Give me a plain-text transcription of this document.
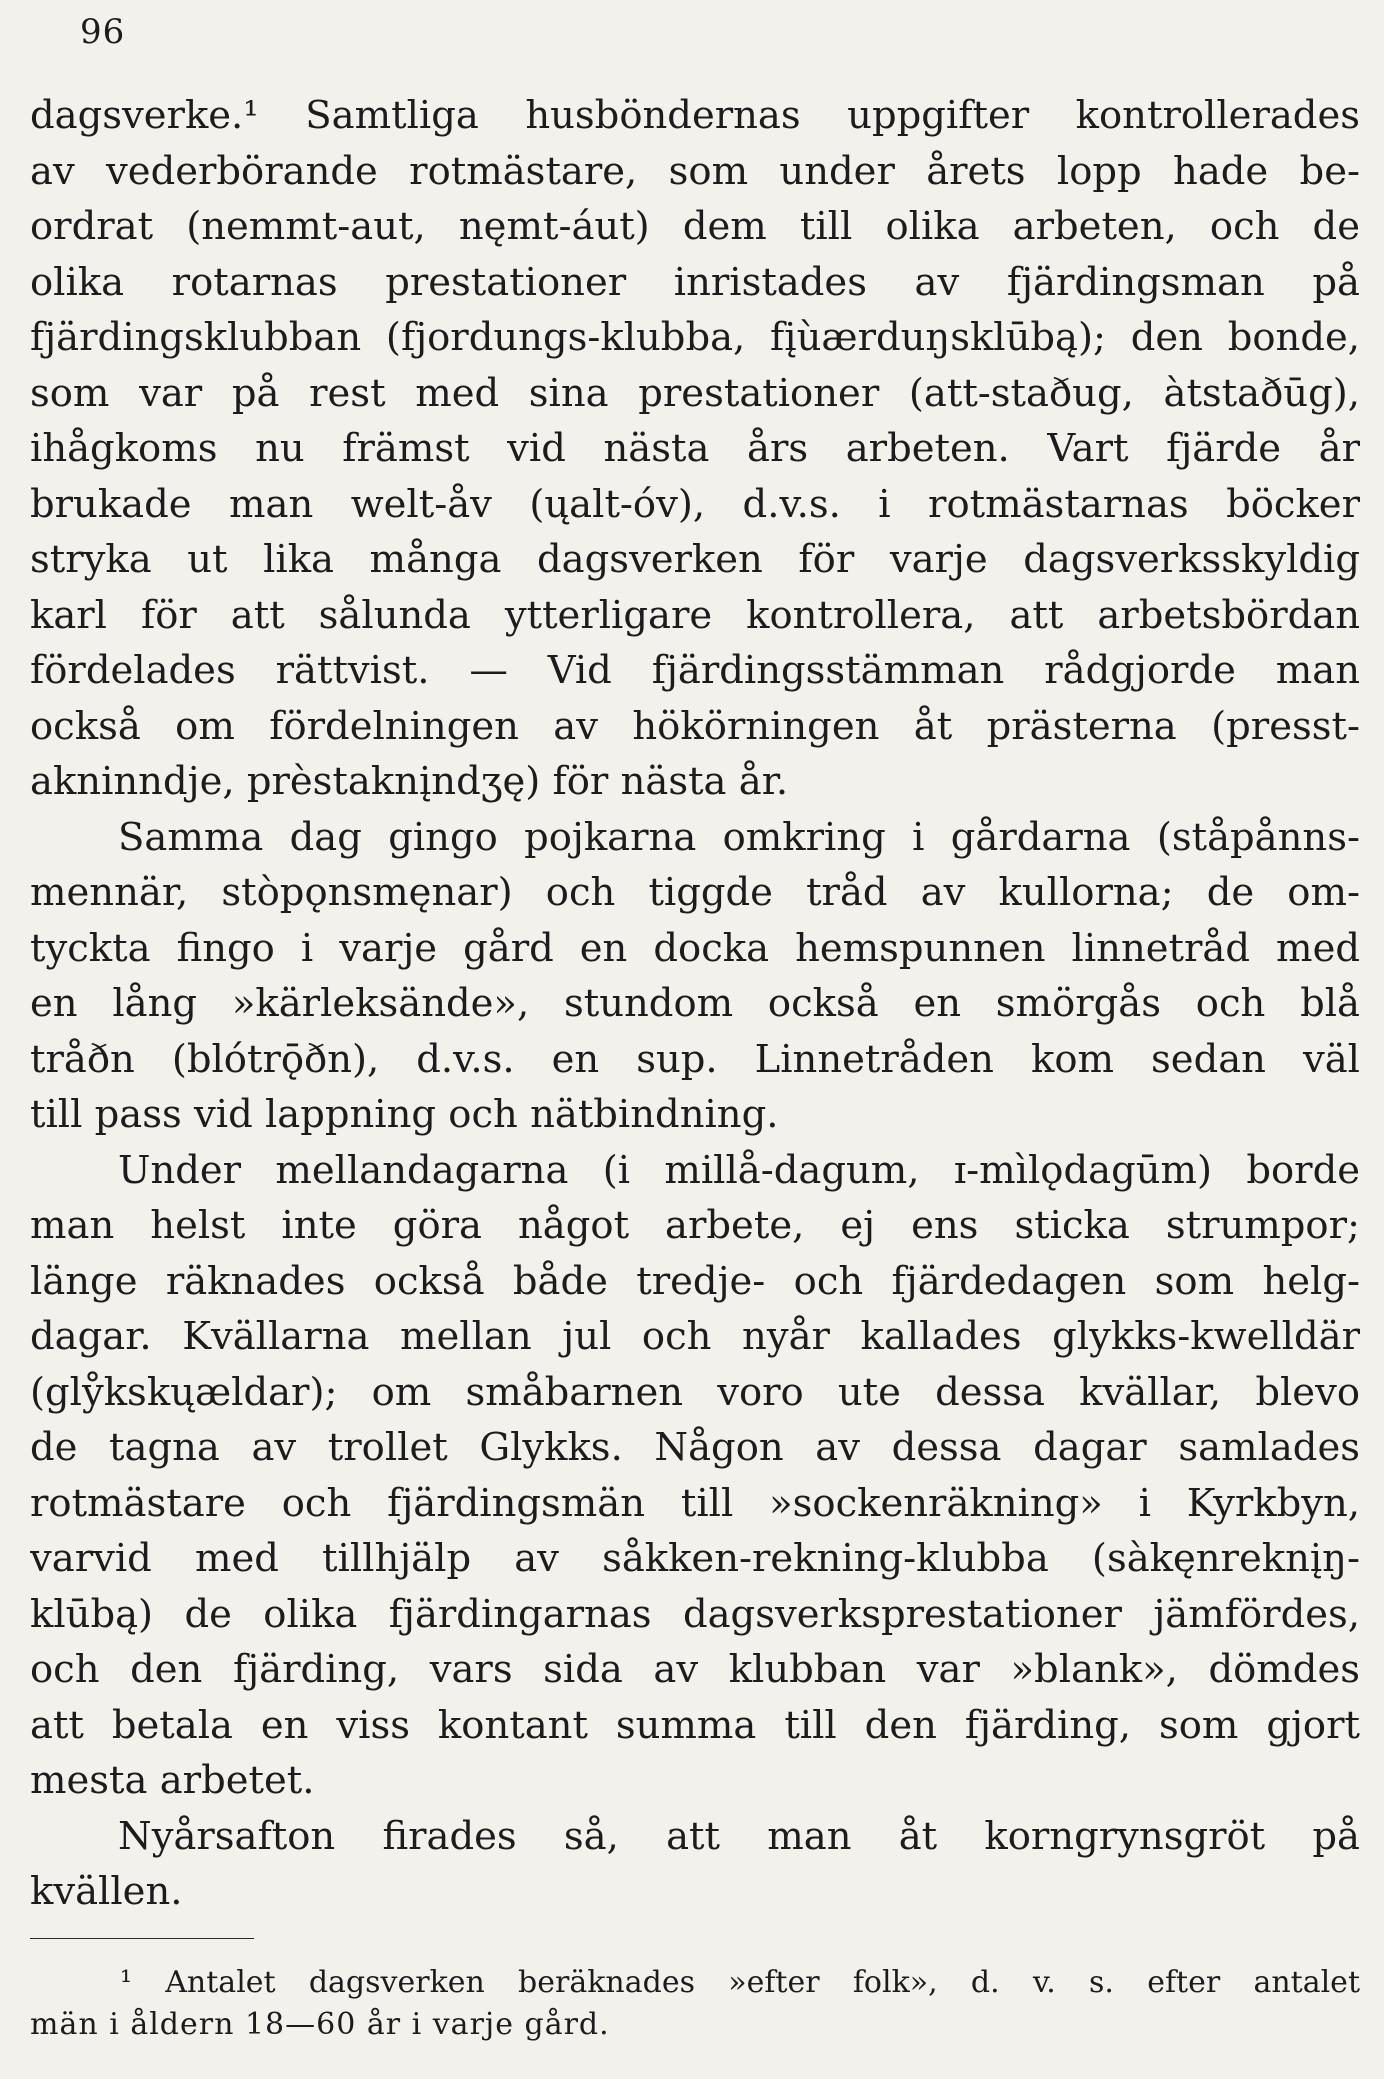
96
dagsverke.¹ Samtliga husböndernas uppgifter kontrollerades
av vederbörande rotmästare, som under årets lopp hade be-
ordrat (nemmt-aut, nęmt-áut) dem till olika arbeten, och de
olika rotarnas prestationer inristades av fjärdingsman på
fjärdingsklubban (fjordungs-klubba, fįùærduŋsklūbą); den bonde,
som var på rest med sina prestationer (att-staðug, àtstaðūg),
ihågkoms nu främst vid nästa års arbeten. Vart fjärde år
brukade man welt-åv (ųalt-óv), d.v.s. i rotmästarnas böcker
stryka ut lika många dagsverken för varje dagsverksskyldig
karl för att sålunda ytterligare kontrollera, att arbetsbördan
fördelades rättvist. — Vid fjärdingsstämman rådgjorde man
också om fördelningen av hökörningen åt prästerna (presst-
akninndje, prèstaknįndʒę) för nästa år.
Samma dag gingo pojkarna omkring i gårdarna (ståpånns-
mennär, stòpǫnsmęnar) och tiggde tråd av kullorna; de om-
tyckta fingo i varje gård en docka hemspunnen linnetråd med
en lång »kärleksände», stundom också en smörgås och blå
tråðn (blótrǭðn), d.v.s. en sup. Linnetråden kom sedan väl
till pass vid lappning och nätbindning.
Under mellandagarna (i millå-dagum, ɪ-mìlǫdagūm) borde
man helst inte göra något arbete, ej ens sticka strumpor;
länge räknades också både tredje- och fjärdedagen som helg-
dagar. Kvällarna mellan jul och nyår kallades glykks-kwelldär
(glẙkskųældar); om småbarnen voro ute dessa kvällar, blevo
de tagna av trollet Glykks. Någon av dessa dagar samlades
rotmästare och fjärdingsmän till »sockenräkning» i Kyrkbyn,
varvid med tillhjälp av såkken-rekning-klubba (sàkęnreknįŋ-
klūbą) de olika fjärdingarnas dagsverksprestationer jämfördes,
och den fjärding, vars sida av klubban var »blank», dömdes
att betala en viss kontant summa till den fjärding, som gjort
mesta arbetet.
Nyårsafton firades så, att man åt korngrynsgröt på
kvällen.
¹ Antalet dagsverken beräknades »efter folk», d. v. s. efter antalet
män i åldern 18—60 år i varje gård.
